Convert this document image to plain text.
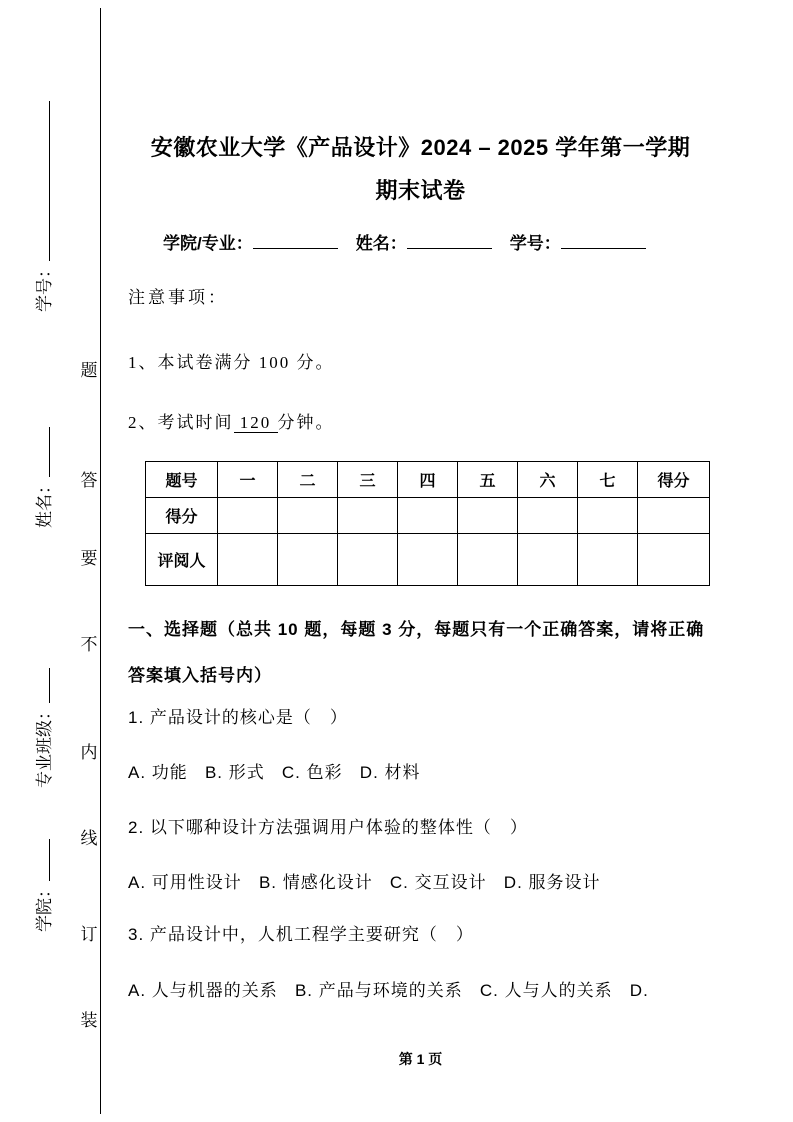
学号：
姓名：
专业班级：
学院：
题
答
要
不
内
线
订
装
安徽农业大学《产品设计》2024 – 2025 学年第一学期
期末试卷
学院/专业：	姓名：	学号：
注意事项：
1、本试卷满分 100 分。
2、考试时间 120 分钟。
题号	一	二	三	四	五	六	七	得分
得分								
评阅人								
一、选择题（总共 10 题，每题 3 分，每题只有一个正确答案，请将正确答案填入括号内）
1. 产品设计的核心是（　）
A. 功能   B. 形式   C. 色彩   D. 材料
2. 以下哪种设计方法强调用户体验的整体性（　）
A. 可用性设计   B. 情感化设计   C. 交互设计   D. 服务设计
3. 产品设计中，人机工程学主要研究（　）
A. 人与机器的关系   B. 产品与环境的关系   C. 人与人的关系   D.
第 1 页
